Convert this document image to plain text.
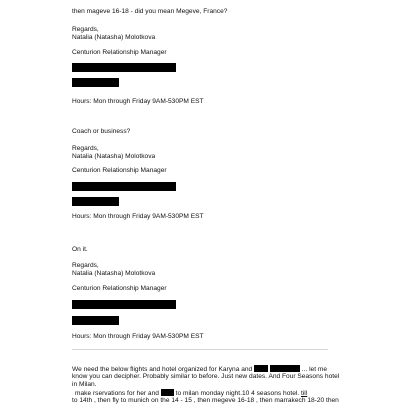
then mageve 16-18 - did you mean Megeve, France?
Regards,
Natalia (Natasha) Molotkova
Centurion Relationship Manager
Hours: Mon through Friday 9AM-530PM EST
Coach or business?
Regards,
Natalia (Natasha) Molotkova
Centurion Relationship Manager
Hours: Mon through Friday 9AM-530PM EST
On it.
Regards,
Natalia (Natasha) Molotkova
Centurion Relationship Manager
Hours: Mon through Friday 9AM-530PM EST
We need the below flights and hotel organized for Karyna and	... let me
know you can decipher. Probably similar to before. Just new dates. And Four Seasons hotel
in Milan.
make rservations for her and	to milan monday night.10 4 seasons hotel. till
to 14th , then fly to munich on the 14 - 15 , then megeve 16-18 , then marrakech 18-20 then
